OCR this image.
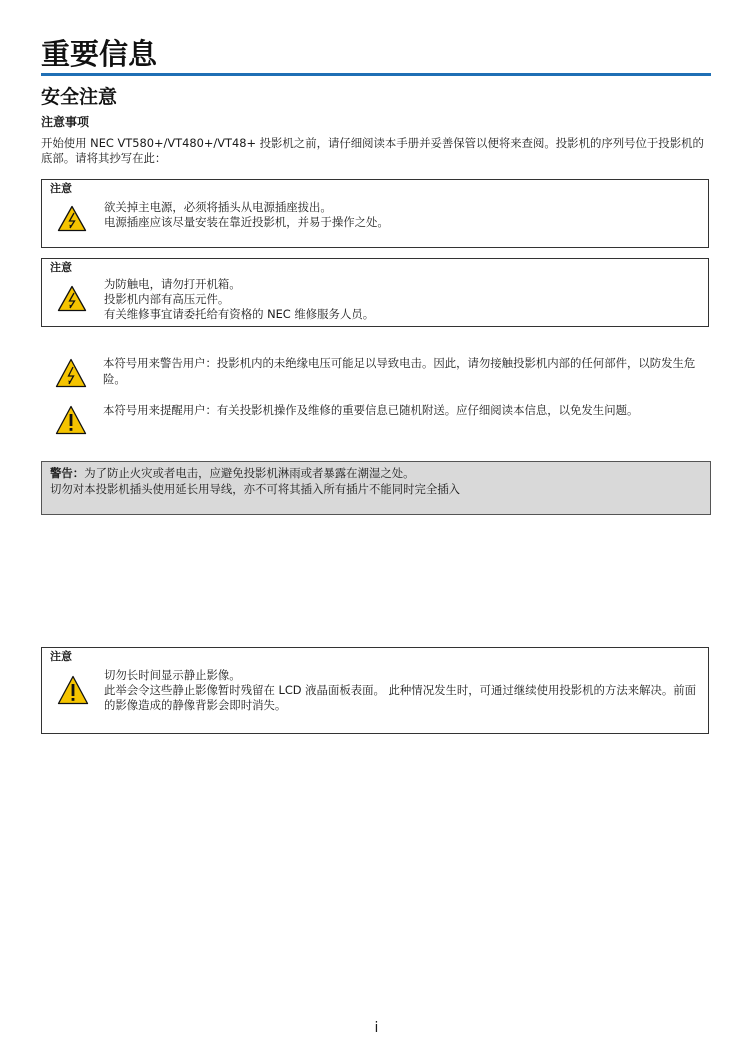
重要信息
安全注意
注意事项

开始使用 NEC VT580+/VT480+/VT48+ 投影机之前，请仔细阅读本手册并妥善保管以便将来查阅。投影机的序列号位于投影机的底部。请将其抄写在此：

注意

欲关掉主电源，必须将插头从电源插座拔出。

电源插座应该尽量安装在靠近投影机，并易于操作之处。

注意

为防触电，请勿打开机箱。

投影机内部有高压元件。

有关维修事宜请委托给有资格的 NEC 维修服务人员。

本符号用来警告用户：投影机内的未绝缘电压可能足以导致电击。因此，请勿接触投影机内部的任何部件，以防发生危险。

本符号用来提醒用户：有关投影机操作及维修的重要信息已随机附送。应仔细阅读本信息，以免发生问题。

警告：为了防止火灾或者电击，应避免投影机淋雨或者暴露在潮湿之处。

切勿对本投影机插头使用延长用导线，亦不可将其插入所有插片不能同时完全插入

注意

切勿长时间显示静止影像。

此举会令这些静止影像暂时残留在 LCD 液晶面板表面。 此种情况发生时，可通过继续使用投影机的方法来解决。前面的影像造成的静像背影会即时消失。

i
